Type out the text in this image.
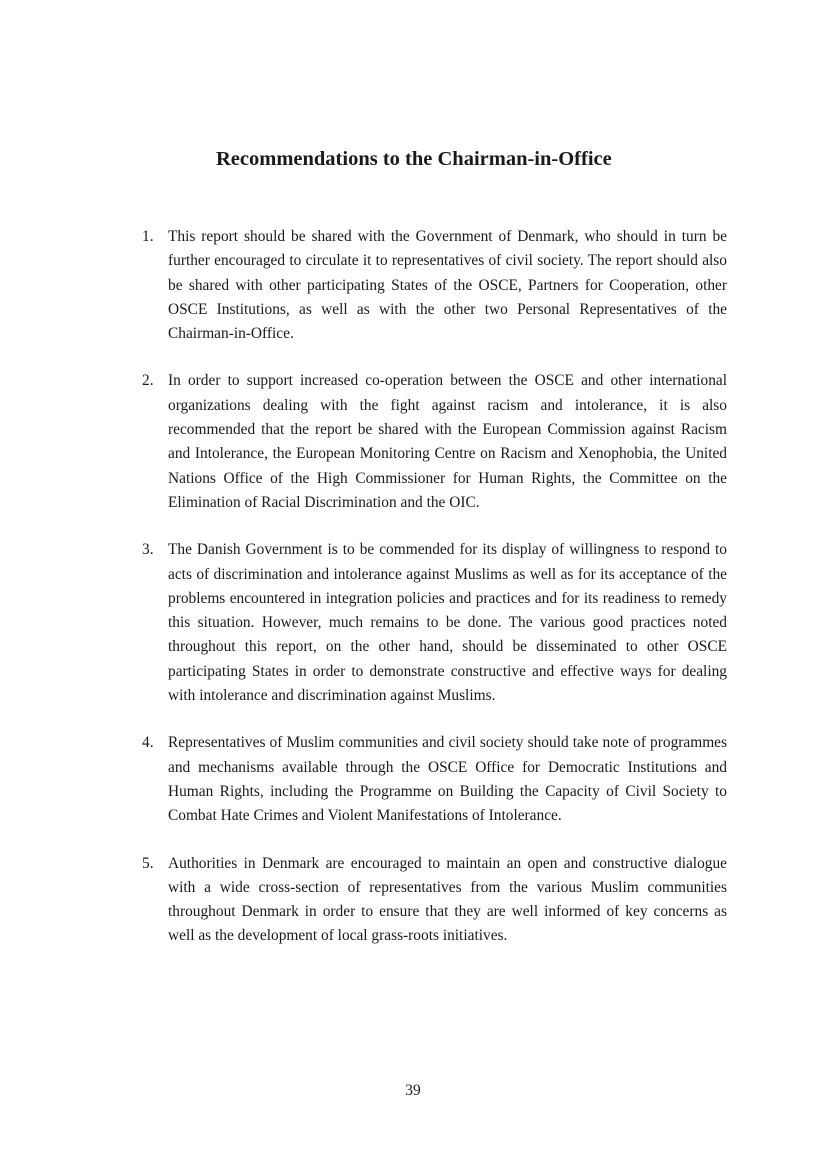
Recommendations to the Chairman-in-Office
1. This report should be shared with the Government of Denmark, who should in turn be further encouraged to circulate it to representatives of civil society. The report should also be shared with other participating States of the OSCE, Partners for Cooperation, other OSCE Institutions, as well as with the other two Personal Representatives of the Chairman-in-Office.
2. In order to support increased co-operation between the OSCE and other international organizations dealing with the fight against racism and intolerance, it is also recommended that the report be shared with the European Commission against Racism and Intolerance, the European Monitoring Centre on Racism and Xenophobia, the United Nations Office of the High Commissioner for Human Rights, the Committee on the Elimination of Racial Discrimination and the OIC.
3. The Danish Government is to be commended for its display of willingness to respond to acts of discrimination and intolerance against Muslims as well as for its acceptance of the problems encountered in integration policies and practices and for its readiness to remedy this situation. However, much remains to be done. The various good practices noted throughout this report, on the other hand, should be disseminated to other OSCE participating States in order to demonstrate constructive and effective ways for dealing with intolerance and discrimination against Muslims.
4. Representatives of Muslim communities and civil society should take note of programmes and mechanisms available through the OSCE Office for Democratic Institutions and Human Rights, including the Programme on Building the Capacity of Civil Society to Combat Hate Crimes and Violent Manifestations of Intolerance.
5. Authorities in Denmark are encouraged to maintain an open and constructive dialogue with a wide cross-section of representatives from the various Muslim communities throughout Denmark in order to ensure that they are well informed of key concerns as well as the development of local grass-roots initiatives.
39
